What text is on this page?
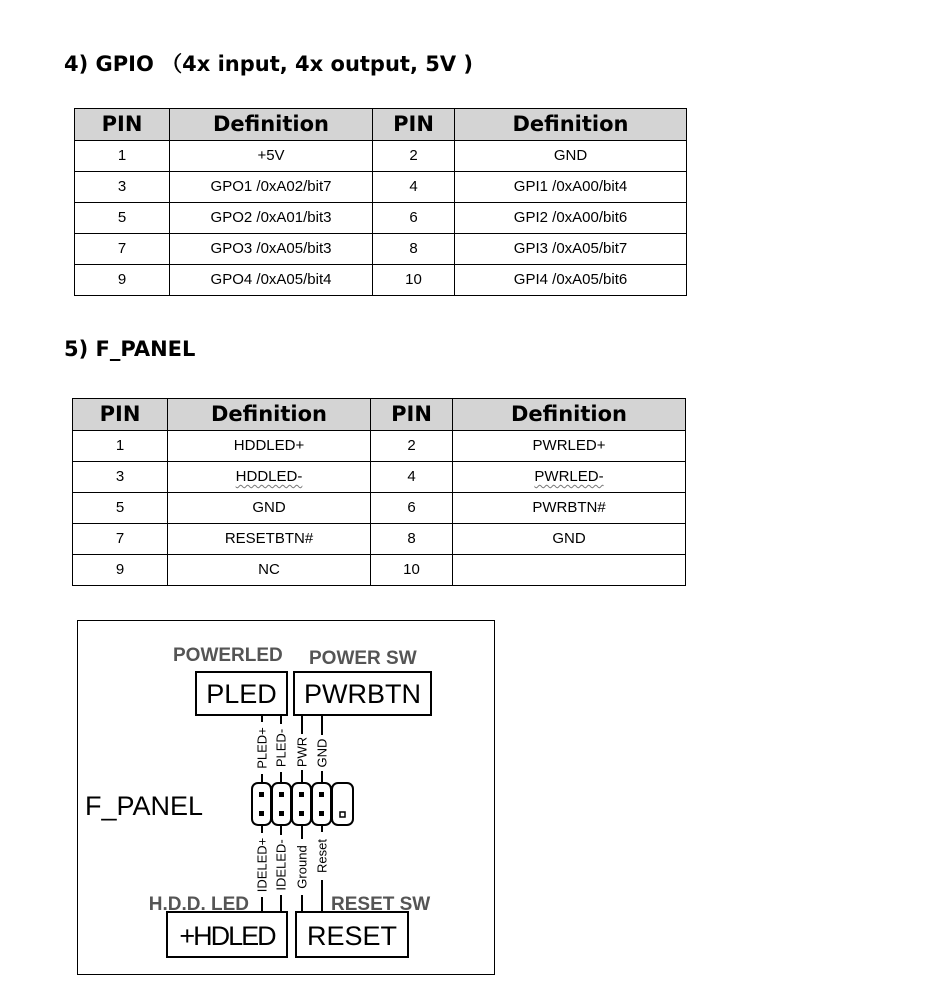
4) GPIO （4x input, 4x output, 5V )
PIN	Definition	PIN	Definition
1	+5V	2	GND
3	GPO1 /0xA02/bit7	4	GPI1 /0xA00/bit4
5	GPO2 /0xA01/bit3	6	GPI2 /0xA00/bit6
7	GPO3 /0xA05/bit3	8	GPI3 /0xA05/bit7
9	GPO4 /0xA05/bit4	10	GPI4 /0xA05/bit6
5) F_PANEL
PIN	Definition	PIN	Definition
1	HDDLED+	2	PWRLED+
3	HDDLED-	4	PWRLED-
5	GND	6	PWRBTN#
7	RESETBTN#	8	GND
9	NC	10	
POWERLED POWER SW
PLED PWRBTN
PLED+ PLED- PWR GND
F_PANEL
IDELED+ IDELED- Ground Reset
H.D.D. LED	RESET SW
+HDLED RESET
